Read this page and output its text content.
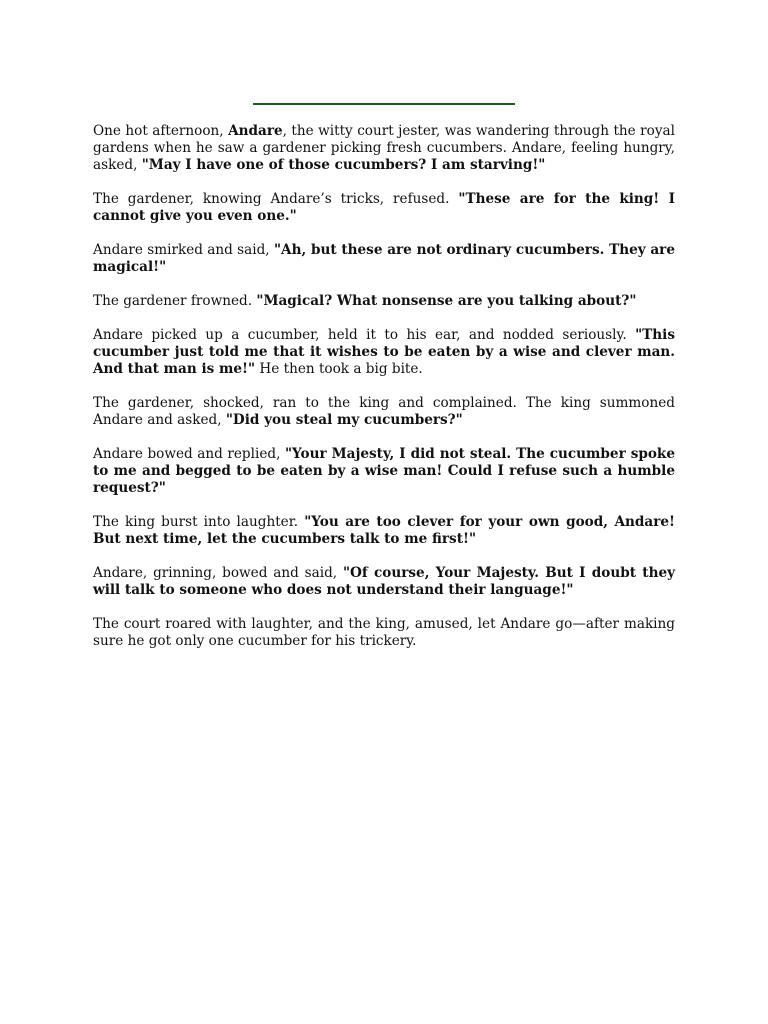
One hot afternoon, Andare, the witty court jester, was wandering through the royal gardens when he saw a gardener picking fresh cucumbers. Andare, feeling hungry, asked, "May I have one of those cucumbers? I am starving!"

The gardener, knowing Andare’s tricks, refused. "These are for the king! I cannot give you even one."

Andare smirked and said, "Ah, but these are not ordinary cucumbers. They are magical!"

The gardener frowned. "Magical? What nonsense are you talking about?"

Andare picked up a cucumber, held it to his ear, and nodded seriously. "This cucumber just told me that it wishes to be eaten by a wise and clever man. And that man is me!" He then took a big bite.

The gardener, shocked, ran to the king and complained. The king summoned Andare and asked, "Did you steal my cucumbers?"

Andare bowed and replied, "Your Majesty, I did not steal. The cucumber spoke to me and begged to be eaten by a wise man! Could I refuse such a humble request?"

The king burst into laughter. "You are too clever for your own good, Andare! But next time, let the cucumbers talk to me first!"

Andare, grinning, bowed and said, "Of course, Your Majesty. But I doubt they will talk to someone who does not understand their language!"

The court roared with laughter, and the king, amused, let Andare go—after making sure he got only one cucumber for his trickery.
